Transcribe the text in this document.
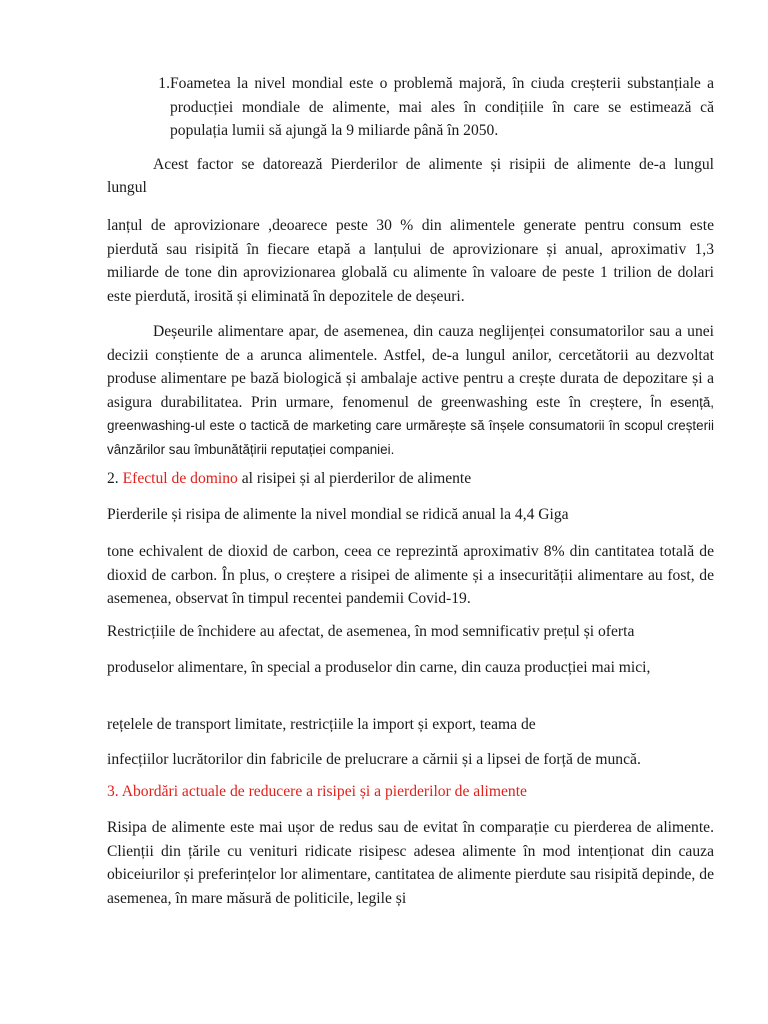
1. Foametea la nivel mondial este o problemă majoră, în ciuda creșterii substanțiale a producției mondiale de alimente, mai ales în condițiile în care se estimează că populația lumii să ajungă la 9 miliarde până în 2050.

Acest factor se datorează Pierderilor de alimente și risipii de alimente de-a lungul

lungul

lanțul de aprovizionare ,deoarece peste 30 % din alimentele generate pentru consum este pierdută sau risipită în fiecare etapă a lanțului de aprovizionare și anual, aproximativ 1,3 miliarde de tone din aprovizionarea globală cu alimente în valoare de peste 1 trilion de dolari este pierdută, irosită și eliminată în depozitele de deșeuri.

Deșeurile alimentare apar, de asemenea, din cauza neglijenței consumatorilor sau a unei decizii conștiente de a arunca alimentele. Astfel, de-a lungul anilor, cercetătorii au dezvoltat produse alimentare pe bază biologică și ambalaje active pentru a crește durata de depozitare și a asigura durabilitatea. Prin urmare, fenomenul de greenwashing este în creștere, În esență, greenwashing-ul este o tactică de marketing care urmărește să înșele consumatorii în scopul creșterii vânzărilor sau îmbunătățirii reputației companiei.

2. Efectul de domino al risipei și al pierderilor de alimente

Pierderile și risipa de alimente la nivel mondial se ridică anual la 4,4 Giga

tone echivalent de dioxid de carbon, ceea ce reprezintă aproximativ 8% din cantitatea totală de dioxid de carbon. În plus, o creștere a risipei de alimente și a insecurității alimentare au fost, de asemenea, observat în timpul recentei pandemii Covid-19.

Restricțiile de închidere au afectat, de asemenea, în mod semnificativ prețul și oferta

produselor alimentare, în special a produselor din carne, din cauza producției mai mici,

rețelele de transport limitate, restricțiile la import și export, teama de

infecțiilor lucrătorilor din fabricile de prelucrare a cărnii și a lipsei de forță de muncă.

3. Abordări actuale de reducere a risipei și a pierderilor de alimente

Risipa de alimente este mai ușor de redus sau de evitat în comparație cu pierderea de alimente. Clienții din țările cu venituri ridicate risipesc adesea alimente în mod intenționat din cauza obiceiurilor și preferințelor lor alimentare, cantitatea de alimente pierdute sau risipită depinde, de asemenea, în mare măsură de politicile, legile și
